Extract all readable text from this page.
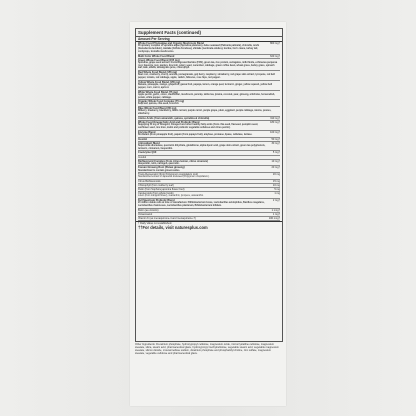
Supplement Facts (continued)
Amount Per Serving
Whole Food Phytoalgae and Organic Mushroom Blend
Proprietary complex of spirulina algae (Spirulina platensis), dulse seaweed (Palmaria palmata), chlorella, reishi (Ganoderma lucidum), maitake (Grifola frondosa), shiitake (Lentinula edodes), kombu, lion's mane, turkey tail, cordyceps, tremella mushrooms.
800 mg†
Multi Color Whole Food Blend	620 mg†
Green Whole Food Blend (155 mg)
Spirulina, grape seed extract, fructooligosaccharides (FOS), green tea, rice protein, astragalus, milk thistle, echinacea purpurea root, liquorice root, parsley, broccoli, celery seed, cucumber, cabbage, green coffee bean, wheat grass, barley grass, spinach leaf, kale, alfalfa, wheatgrass juice, chlorophyll.
Red Whole Food Blend (155 mg)
Beet root, cranberry, cherry, acerola, pomegranate, goji berry, raspberry, strawberry, red grape skin extract, lycopene, red bell pepper, tomato, red cabbage, apple, radish, hibiscus, rose hips, red pepper.
Yellow Whole Food Blend (155 mg)
Banana, pineapple, mango, grapefruit, guava fruit, papaya, lemon, orange peel, turmeric, ginger, yellow squash, yellow bell pepper, corn, carrot, apricot.
White Whole Food Blend (75 mg)
Apple pectin, garlic, onion, cauliflower, mushroom, parsnip, white tea, jicama, coconut, pear, ginseng, artichoke, horseradish, potato, white pepper, cabbage.
Organic Whole Food Complex (75 mg)
Kelp leaf, quinoa, chia seed, broccoli.
Blue Whole Food Blend (65 mg)
Bilberry, blueberry, blackberry, black currant, purple carrot, purple grape, plum, eggplant, purple cabbage, raisins, prunes, elderberry.
Amino Acids (from amaranth, quinoa, spirulina & chlorella)	310 mg†
Whole Food Omega Fatty Acid and Prebiotic Blend
Supplying 50 mg of Omega-3, Omega-6 and other healthy fatty acids (from chia seed, flaxseed, pumpkin seed, sunflower seed, rice bran, inulin and probiotic vegetable cellulose and citrus pectin).
180 mg†
Enzyme Blend
Bromelain (from pineapple fruit), papain (from papaya fruit), amylase, protease, lipase, cellulase, lactase.
100 mg†
Inositol	50 mg†
Antioxidant Blend
Superoxide dismutase, quercetin dihydrate, glutathione, alpha-lipoic acid, grape skin extract, green tea polyphenols, turmeric, cinnamon, hesperidin.
30 mg†
Coenzyme Q10	5 mg†
Inositol
Bioflavonoid Complex (from citrus lemon, citrus sinensis)
Hesperidin, rutin, naringen, quercetin.
10 mg†
Korean Ginseng Root (Panax ginseng)
Standardized to contain ginsenosides.
20 mg†
Trans-Resveratrol (from Polygonum cuspidatum root)
Standardized extract of Japanese knotweed (Polygonum cuspidatum).
20 mg
Citrus Bioflavonoids	15 mg
Chlorophyll (from mulberry leaf)	10 mg
Rutin (from Sophora japonica flower bud)	5 mg
Carotenoids (from whole foods)
Lutein (from marigold flower), zeaxanthin, lycopene, astaxanthin.
1 mg
Full Spectrum Probiotic Blend
20 million viable cells at time of manufacture: Bifidobacterium breve, Lactobacillus acidophilus, Bacillus coagulans, Lactobacillus rhamnosus, Lactobacillus plantarum, Bifidobacterium bifidum.
2 mg†
Biotin (as d-biotin)	1 mcg†
Octacosanol	1 mg†
Vitamin K (as menaquinone-4 and menaquinone-7)	100 mcg†
† Daily Value not established.
††For details, visit naturesplus.com
Other Ingredients: Di-calcium phosphate, hydroxypropyl cellulose, magnesium oxide, microcrystalline cellulose, magnesium stearate, silica, stearic acid, pharmaceutical glaze, hydroxypropyl methylcellulose, vegetable stearic acid, vegetable magnesium stearate, silicon dioxide, croscarmellose sodium, dicalcium phosphate and phosphatidyl choline, zinc sulfate, magnesium stearate, vegetable cellulose and pharmaceutical glaze.
